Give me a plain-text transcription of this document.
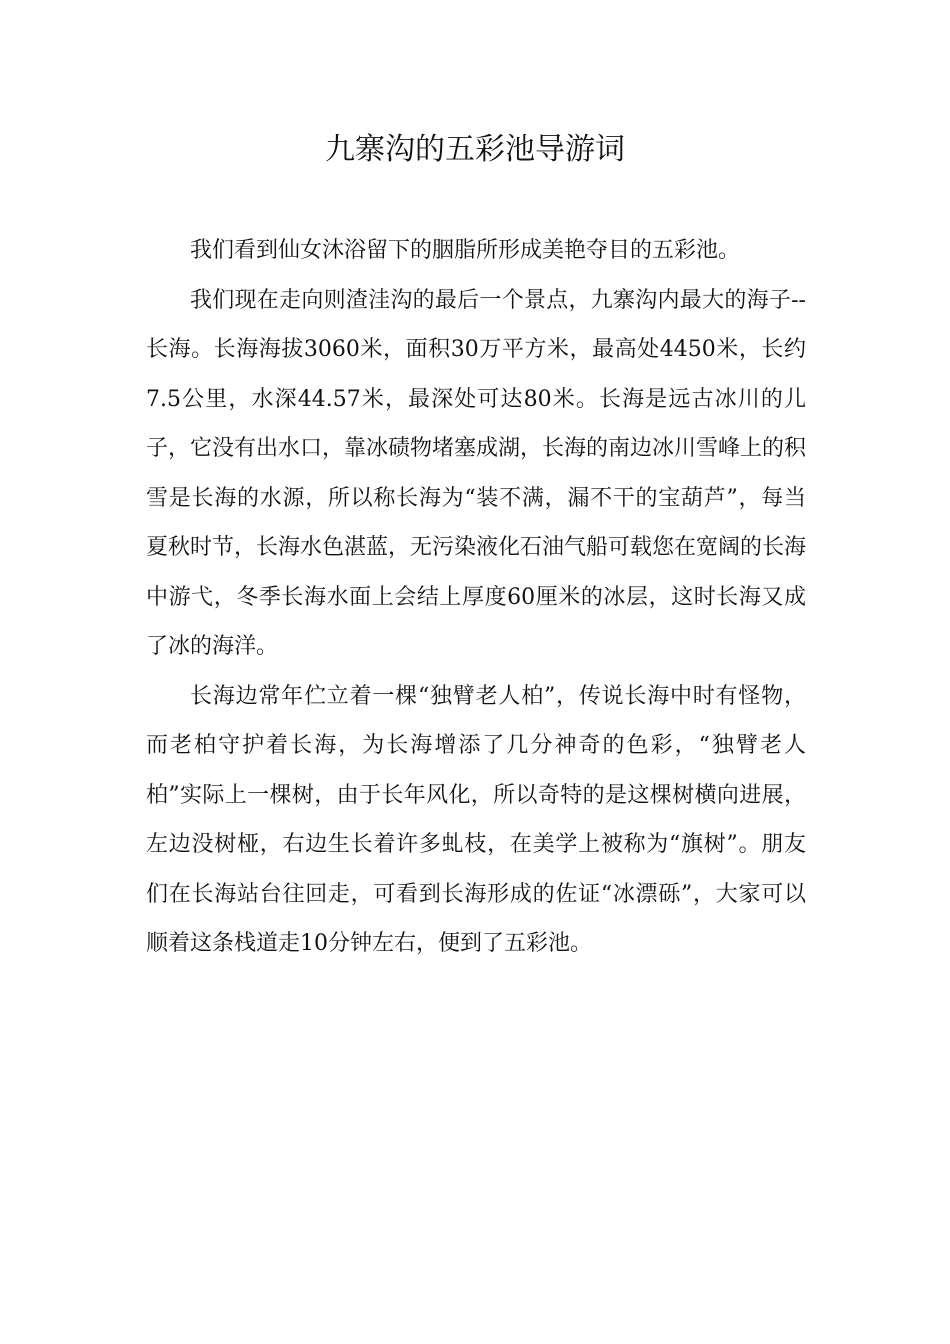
九寨沟的五彩池导游词

我们看到仙女沐浴留下的胭脂所形成美艳夺目的五彩池。

我们现在走向则渣洼沟的最后一个景点，九寨沟内最大的海子--长海。长海海拔3060米，面积30万平方米，最高处4450米，长约7.5公里，水深44.57米，最深处可达80米。长海是远古冰川的儿子，它没有出水口，靠冰碛物堵塞成湖，长海的南边冰川雪峰上的积雪是长海的水源，所以称长海为“装不满，漏不干的宝葫芦”，每当夏秋时节，长海水色湛蓝，无污染液化石油气船可载您在宽阔的长海中游弋，冬季长海水面上会结上厚度60厘米的冰层，这时长海又成了冰的海洋。

长海边常年伫立着一棵“独臂老人柏”，传说长海中时有怪物，而老柏守护着长海，为长海增添了几分神奇的色彩，“独臂老人柏”实际上一棵树，由于长年风化，所以奇特的是这棵树横向进展，左边没树桠，右边生长着许多虬枝，在美学上被称为“旗树”。朋友们在长海站台往回走，可看到长海形成的佐证“冰漂砾”，大家可以顺着这条栈道走10分钟左右，便到了五彩池。
